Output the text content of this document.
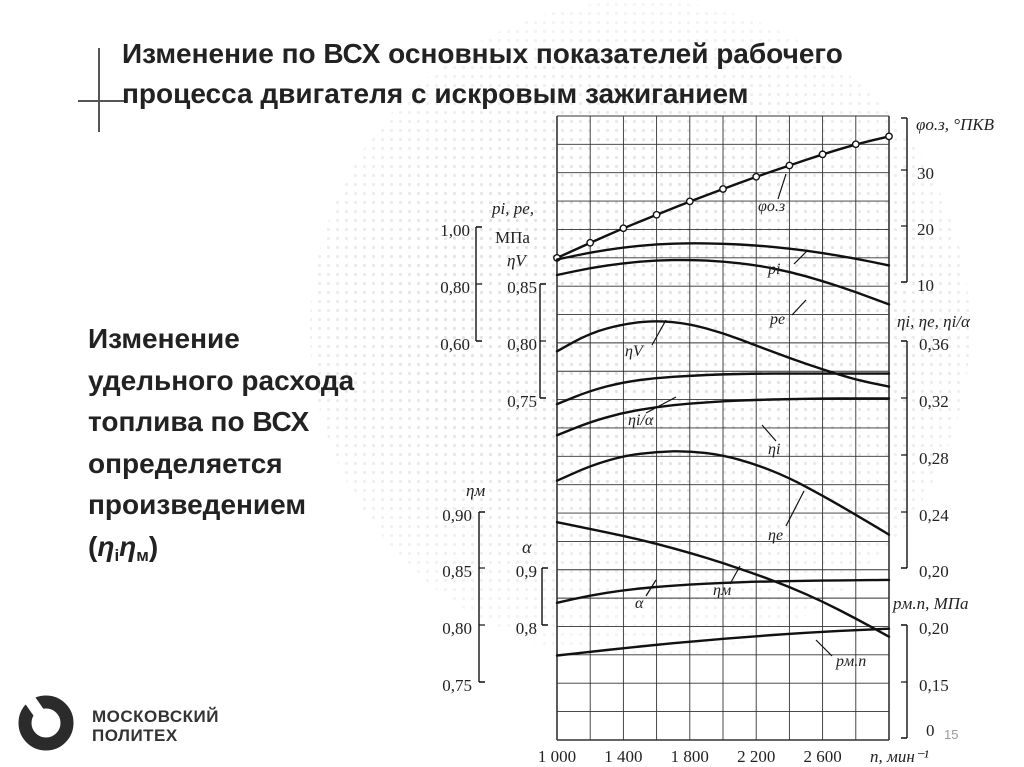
Изменение по ВСХ основных показателей рабочего
процесса двигателя с искровым зажиганием
Изменение
удельного расхода
топлива по ВСХ
определяется
произведением
$(\eta_i\eta_м)$
1,00
0,80
0,60
pi, pe,
МПа
ηV
0,85
0,80
0,75
ηм
0,90
0,85
0,80
0,75
α
0,9
0,8
φо.з, °ПКВ
30
20
10
ηi, ηe, ηi/α
0,36
0,32
0,28
0,24
0,20
pм.п, МПа
0,20
0,15
0
1 000 1 400 1 800 2 200 2 600 n, мин⁻¹
φо.з
pi
pe
ηV
ηi/α
ηi
ηe
ηм
α
pм.п
МОСКОВСКИЙ
ПОЛИТЕХ	15
